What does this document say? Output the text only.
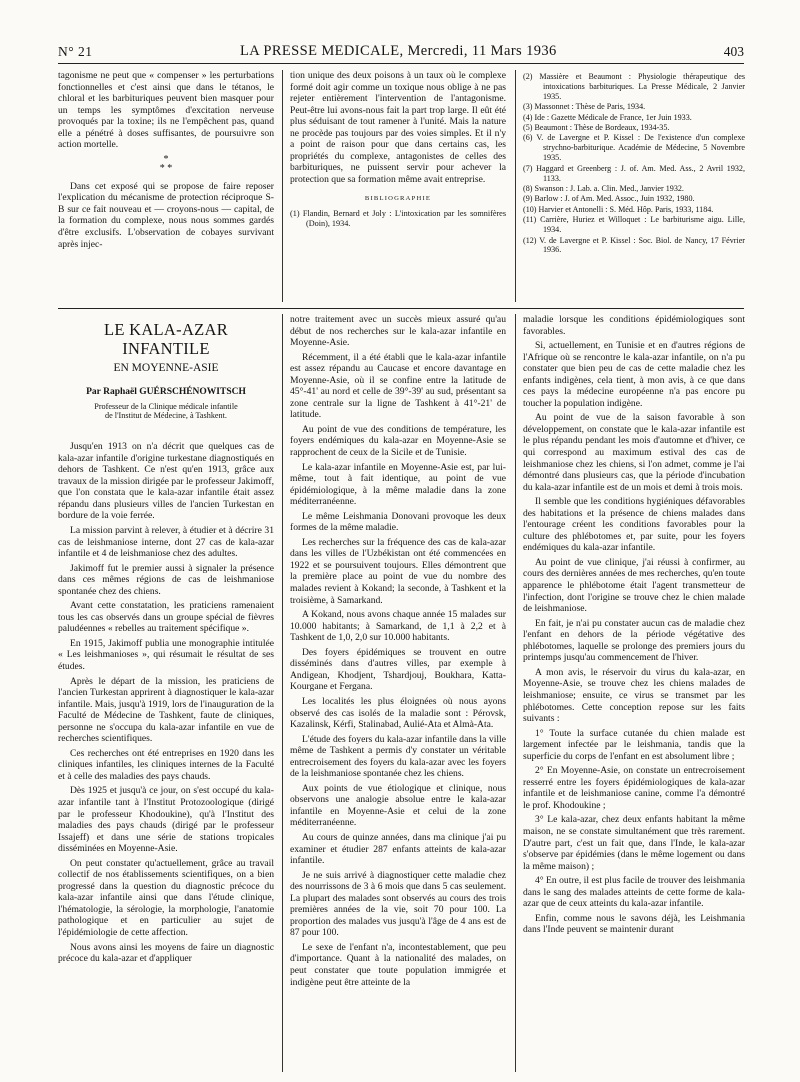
N° 21	LA PRESSE MEDICALE, Mercredi, 11 Mars 1936	403

tagonisme ne peut que « compenser » les perturbations fonctionnelles et c'est ainsi que dans le tétanos, le chloral et les barbituriques peuvent bien masquer pour un temps les symptômes d'excitation nerveuse provoqués par la toxine; ils ne l'empêchent pas, quand elle a pénétré à doses suffisantes, de poursuivre son action mortelle.

*
* *

Dans cet exposé qui se propose de faire reposer l'explication du mécanisme de protection réciproque S-B sur ce fait nouveau et — croyons-nous — capital, de la formation du complexe, nous nous sommes gardés d'être exclusifs. L'observation de cobayes survivant après injec-

tion unique des deux poisons à un taux où le complexe formé doit agir comme un toxique nous oblige à ne pas rejeter entièrement l'intervention de l'antagonisme. Peut-être lui avons-nous fait la part trop large. Il eût été plus séduisant de tout ramener à l'unité. Mais la nature ne procède pas toujours par des voies simples. Et il n'y a point de raison pour que dans certains cas, les propriétés du complexe, antagonistes de celles des barbituriques, ne puissent servir pour achever la protection que sa formation même avait entreprise.

BIBLIOGRAPHIE
(1) Flandin, Bernard et Joly : L'intoxication par les somnifères (Doin), 1934.
(2) Massière et Beaumont : Physiologie thérapeutique des intoxications barbituriques. La Presse Médicale, 2 Janvier 1935.
(3) Massonnet : Thèse de Paris, 1934.
(4) Ide : Gazette Médicale de France, 1er Juin 1933.
(5) Beaumont : Thèse de Bordeaux, 1934-35.
(6) V. de Lavergne et P. Kissel : De l'existence d'un complexe strychno-barbiturique. Académie de Médecine, 5 Novembre 1935.
(7) Haggard et Greenberg : J. of. Am. Med. Ass., 2 Avril 1932, 1133.
(8) Swanson : J. Lab. a. Clin. Med., Janvier 1932.
(9) Barlow : J. of Am. Med. Assoc., Juin 1932, 1980.
(10) Harvier et Antonelli : S. Méd. Hôp. Paris, 1933, 1184.
(11) Carrière, Huriez et Willoquet : Le barbiturisme aigu. Lille, 1934.
(12) V. de Lavergne et P. Kissel : Soc. Biol. de Nancy, 17 Février 1936.
LE KALA-AZAR INFANTILE
EN MOYENNE-ASIE
Par Raphaël GUÉRSCHÉNOWITSCH
Professeur de la Clinique médicale infantile
de l'Institut de Médecine, à Tashkent.

Jusqu'en 1913 on n'a décrit que quelques cas de kala-azar infantile d'origine turkestane diagnostiqués en dehors de Tashkent. Ce n'est qu'en 1913, grâce aux travaux de la mission dirigée par le professeur Jakimoff, que l'on constata que le kala-azar infantile était assez répandu dans plusieurs villes de l'ancien Turkestan en bordure de la voie ferrée.

La mission parvint à relever, à étudier et à décrire 31 cas de leishmaniose interne, dont 27 cas de kala-azar infantile et 4 de leishmaniose chez des adultes.

Jakimoff fut le premier aussi à signaler la présence dans ces mêmes régions de cas de leishmaniose spontanée chez des chiens.

Avant cette constatation, les praticiens ramenaient tous les cas observés dans un groupe spécial de fièvres paludéennes « rebelles au traitement spécifique ».

En 1915, Jakimoff publia une monographie intitulée « Les leishmanioses », qui résumait le résultat de ses études.

Après le départ de la mission, les praticiens de l'ancien Turkestan apprirent à diagnostiquer le kala-azar infantile. Mais, jusqu'à 1919, lors de l'inauguration de la Faculté de Médecine de Tashkent, faute de cliniques, personne ne s'occupa du kala-azar infantile en vue de recherches scientifiques.

Ces recherches ont été entreprises en 1920 dans les cliniques infantiles, les cliniques internes de la Faculté et à celle des maladies des pays chauds.

Dès 1925 et jusqu'à ce jour, on s'est occupé du kala-azar infantile tant à l'Institut Protozoologique (dirigé par le professeur Khodoukine), qu'à l'Institut des maladies des pays chauds (dirigé par le professeur Issajeff) et dans une série de stations tropicales disséminées en Moyenne-Asie.

On peut constater qu'actuellement, grâce au travail collectif de nos établissements scientifiques, on a bien progressé dans la question du diagnostic précoce du kala-azar infantile ainsi que dans l'étude clinique, l'hématologie, la sérologie, la morphologie, l'anatomie pathologique et en particulier au sujet de l'épidémiologie de cette affection.

Nous avons ainsi les moyens de faire un diagnostic précoce du kala-azar et d'appliquer

notre traitement avec un succès mieux assuré qu'au début de nos recherches sur le kala-azar infantile en Moyenne-Asie.

Récemment, il a été établi que le kala-azar infantile est assez répandu au Caucase et encore davantage en Moyenne-Asie, où il se confine entre la latitude de 45°-41' au nord et celle de 39°-39' au sud, présentant sa zone centrale sur la ligne de Tashkent à 41°-21' de latitude.

Au point de vue des conditions de température, les foyers endémiques du kala-azar en Moyenne-Asie se rapprochent de ceux de la Sicile et de Tunisie.

Le kala-azar infantile en Moyenne-Asie est, par lui-même, tout à fait identique, au point de vue épidémiologique, à la même maladie dans la zone méditerranéenne.

Le même Leishmania Donovani provoque les deux formes de la même maladie.

Les recherches sur la fréquence des cas de kala-azar dans les villes de l'Uzbékistan ont été commencées en 1922 et se poursuivent toujours. Elles démontrent que la première place au point de vue du nombre des malades revient à Kokand; la seconde, à Tashkent et la troisième, à Samarkand.

A Kokand, nous avons chaque année 15 malades sur 10.000 habitants; à Samarkand, de 1,1 à 2,2 et à Tashkent de 1,0, 2,0 sur 10.000 habitants.

Des foyers épidémiques se trouvent en outre disséminés dans d'autres villes, par exemple à Andigean, Khodjent, Tshardjouj, Boukhara, Katta-Kourgane et Fergana.

Les localités les plus éloignées où nous ayons observé des cas isolés de la maladie sont : Pérovsk, Kazalinsk, Kérfi, Stalinabad, Aulié-Ata et Almà-Ata.

L'étude des foyers du kala-azar infantile dans la ville même de Tashkent a permis d'y constater un véritable entrecroisement des foyers du kala-azar avec les foyers de la leishmaniose spontanée chez les chiens.

Aux points de vue étiologique et clinique, nous observons une analogie absolue entre le kala-azar infantile en Moyenne-Asie et celui de la zone méditerranéenne.

Au cours de quinze années, dans ma clinique j'ai pu examiner et étudier 287 enfants atteints de kala-azar infantile.

Je ne suis arrivé à diagnostiquer cette maladie chez des nourrissons de 3 à 6 mois que dans 5 cas seulement. La plupart des malades sont observés au cours des trois premières années de la vie, soit 70 pour 100. La proportion des malades vus jusqu'à l'âge de 4 ans est de 87 pour 100.

Le sexe de l'enfant n'a, incontestablement, que peu d'importance. Quant à la nationalité des malades, on peut constater que toute population immigrée et indigène peut être atteinte de la

maladie lorsque les conditions épidémiologiques sont favorables.

Si, actuellement, en Tunisie et en d'autres régions de l'Afrique où se rencontre le kala-azar infantile, on n'a pu constater que bien peu de cas de cette maladie chez les enfants indigènes, cela tient, à mon avis, à ce que dans ces pays la médecine européenne n'a pas encore pu toucher la population indigène.

Au point de vue de la saison favorable à son développement, on constate que le kala-azar infantile est le plus répandu pendant les mois d'automne et d'hiver, ce qui correspond au maximum estival des cas de leishmaniose chez les chiens, si l'on admet, comme je l'ai démontré dans plusieurs cas, que la période d'incubation du kala-azar infantile est de un mois et demi à trois mois.

Il semble que les conditions hygiéniques défavorables des habitations et la présence de chiens malades dans l'entourage créent les conditions favorables pour la culture des phlébotomes et, par suite, pour les foyers endémiques du kala-azar infantile.

Au point de vue clinique, j'ai réussi à confirmer, au cours des dernières années de mes recherches, qu'en toute apparence le phlébotome était l'agent transmetteur de l'infection, dont l'origine se trouve chez le chien malade de leishmaniose.

En fait, je n'ai pu constater aucun cas de maladie chez l'enfant en dehors de la période végétative des phlébotomes, laquelle se prolonge des premiers jours du printemps jusqu'au commencement de l'hiver.

A mon avis, le réservoir du virus du kala-azar, en Moyenne-Asie, se trouve chez les chiens malades de leishmaniose; ensuite, ce virus se transmet par les phlébotomes. Cette conception repose sur les faits suivants :

1° Toute la surface cutanée du chien malade est largement infectée par le leishmania, tandis que la superficie du corps de l'enfant en est absolument libre ;

2° En Moyenne-Asie, on constate un entrecroisement resserré entre les foyers épidémiologiques de kala-azar infantile et de leishmaniose canine, comme l'a démontré le prof. Khodoukine ;

3° Le kala-azar, chez deux enfants habitant la même maison, ne se constate simultanément que très rarement. D'autre part, c'est un fait que, dans l'Inde, le kala-azar s'observe par épidémies (dans le même logement ou dans la même maison) ;

4° En outre, il est plus facile de trouver des leishmania dans le sang des malades atteints de cette forme de kala-azar que de ceux atteints du kala-azar infantile.

Enfin, comme nous le savons déjà, les Leishmania dans l'Inde peuvent se maintenir durant
